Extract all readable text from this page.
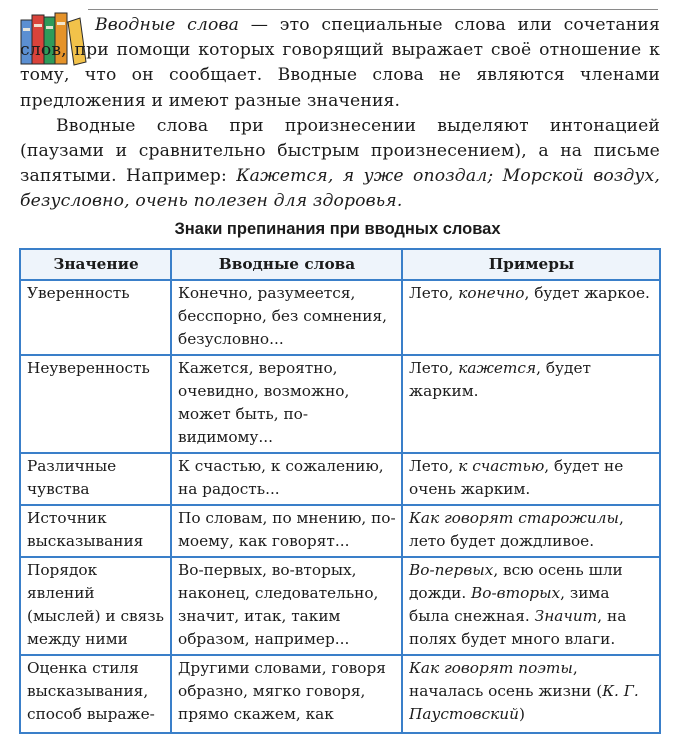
Вводные слова — это специальные слова или сочетания слов, при помощи которых говорящий выражает своё отношение к тому, что он сообщает. Вводные слова не являются членами предложения и имеют разные значения.

Вводные слова при произнесении выделяют интонацией (паузами и сравнительно быстрым произнесением), а на письме запятыми. Например: Кажется, я уже опоздал; Морской воздух, безусловно, очень полезен для здоровья.

Знаки препинания при вводных словах
Значение	Вводные слова	Примеры
Уверенность	Конечно, разумеется, бесспорно, без сомнения, безусловно...	Лето, конечно, будет жаркое.
Неуверенность	Кажется, вероятно, очевидно, возможно, может быть, по-видимому...	Лето, кажется, будет жарким.
Различные чувства	К счастью, к сожалению, на радость...	Лето, к счастью, будет не очень жарким.
Источник высказывания	По словам, по мнению, по-моему, как говорят...	Как говорят старожилы, лето будет дождливое.
Порядок явлений (мыслей) и связь между ними	Во-первых, во-вторых, наконец, следовательно, значит, итак, таким образом, например...	Во-первых, всю осень шли дожди. Во-вторых, зима была снежная. Значит, на полях будет много влаги.

Оценка стиля высказывания, способ выраже-	Другими словами, говоря образно, мягко говоря, прямо скажем, как	Как говорят поэты, началась осень жизни (К. Г. Паустовский)
